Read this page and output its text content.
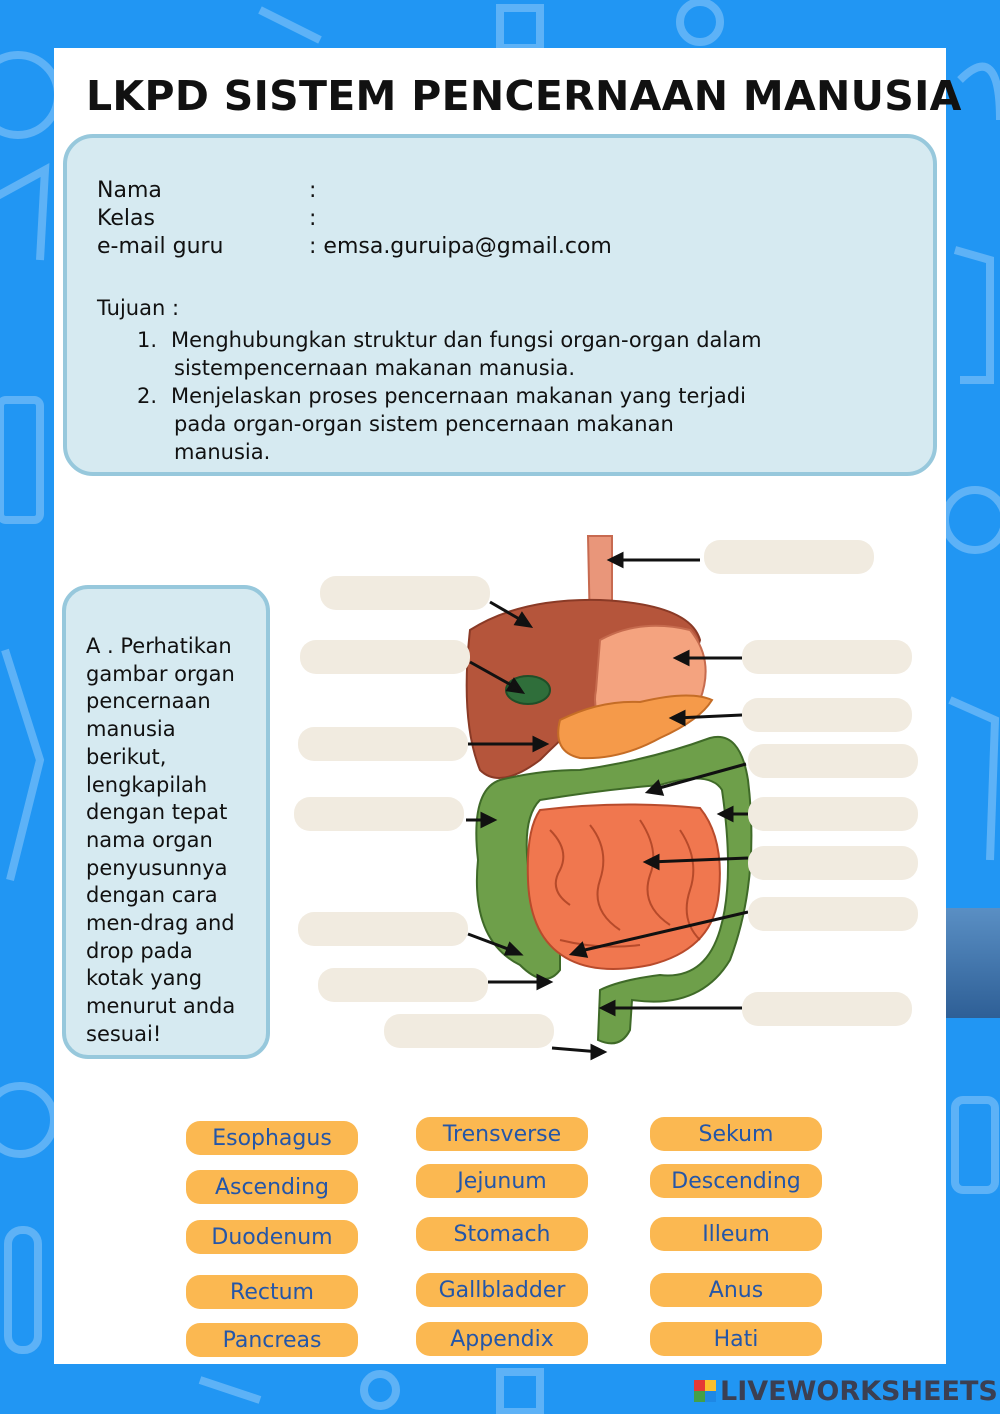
LKPD SISTEM PENCERNAAN MANUSIA
Nama	:
Kelas	:
e-mail guru	: emsa.guruipa@gmail.com
Tujuan :
1. Menghubungkan struktur dan fungsi organ-organ dalam
sistempencernaan makanan manusia.
2. Menjelaskan proses pencernaan makanan yang terjadi
pada organ-organ sistem pencernaan makanan
manusia.
A . Perhatikan
gambar organ
pencernaan
manusia
berikut,
lengkapilah
dengan tepat
nama organ
penyusunnya
dengan cara
men-drag and
drop pada
kotak yang
menurut anda
sesuai!
Esophagus	Trensverse	Sekum
Ascending	Jejunum	Descending
Duodenum	Stomach	Illeum
Rectum	Gallbladder	Anus
Pancreas	Appendix	Hati
LIVEWORKSHEETS
